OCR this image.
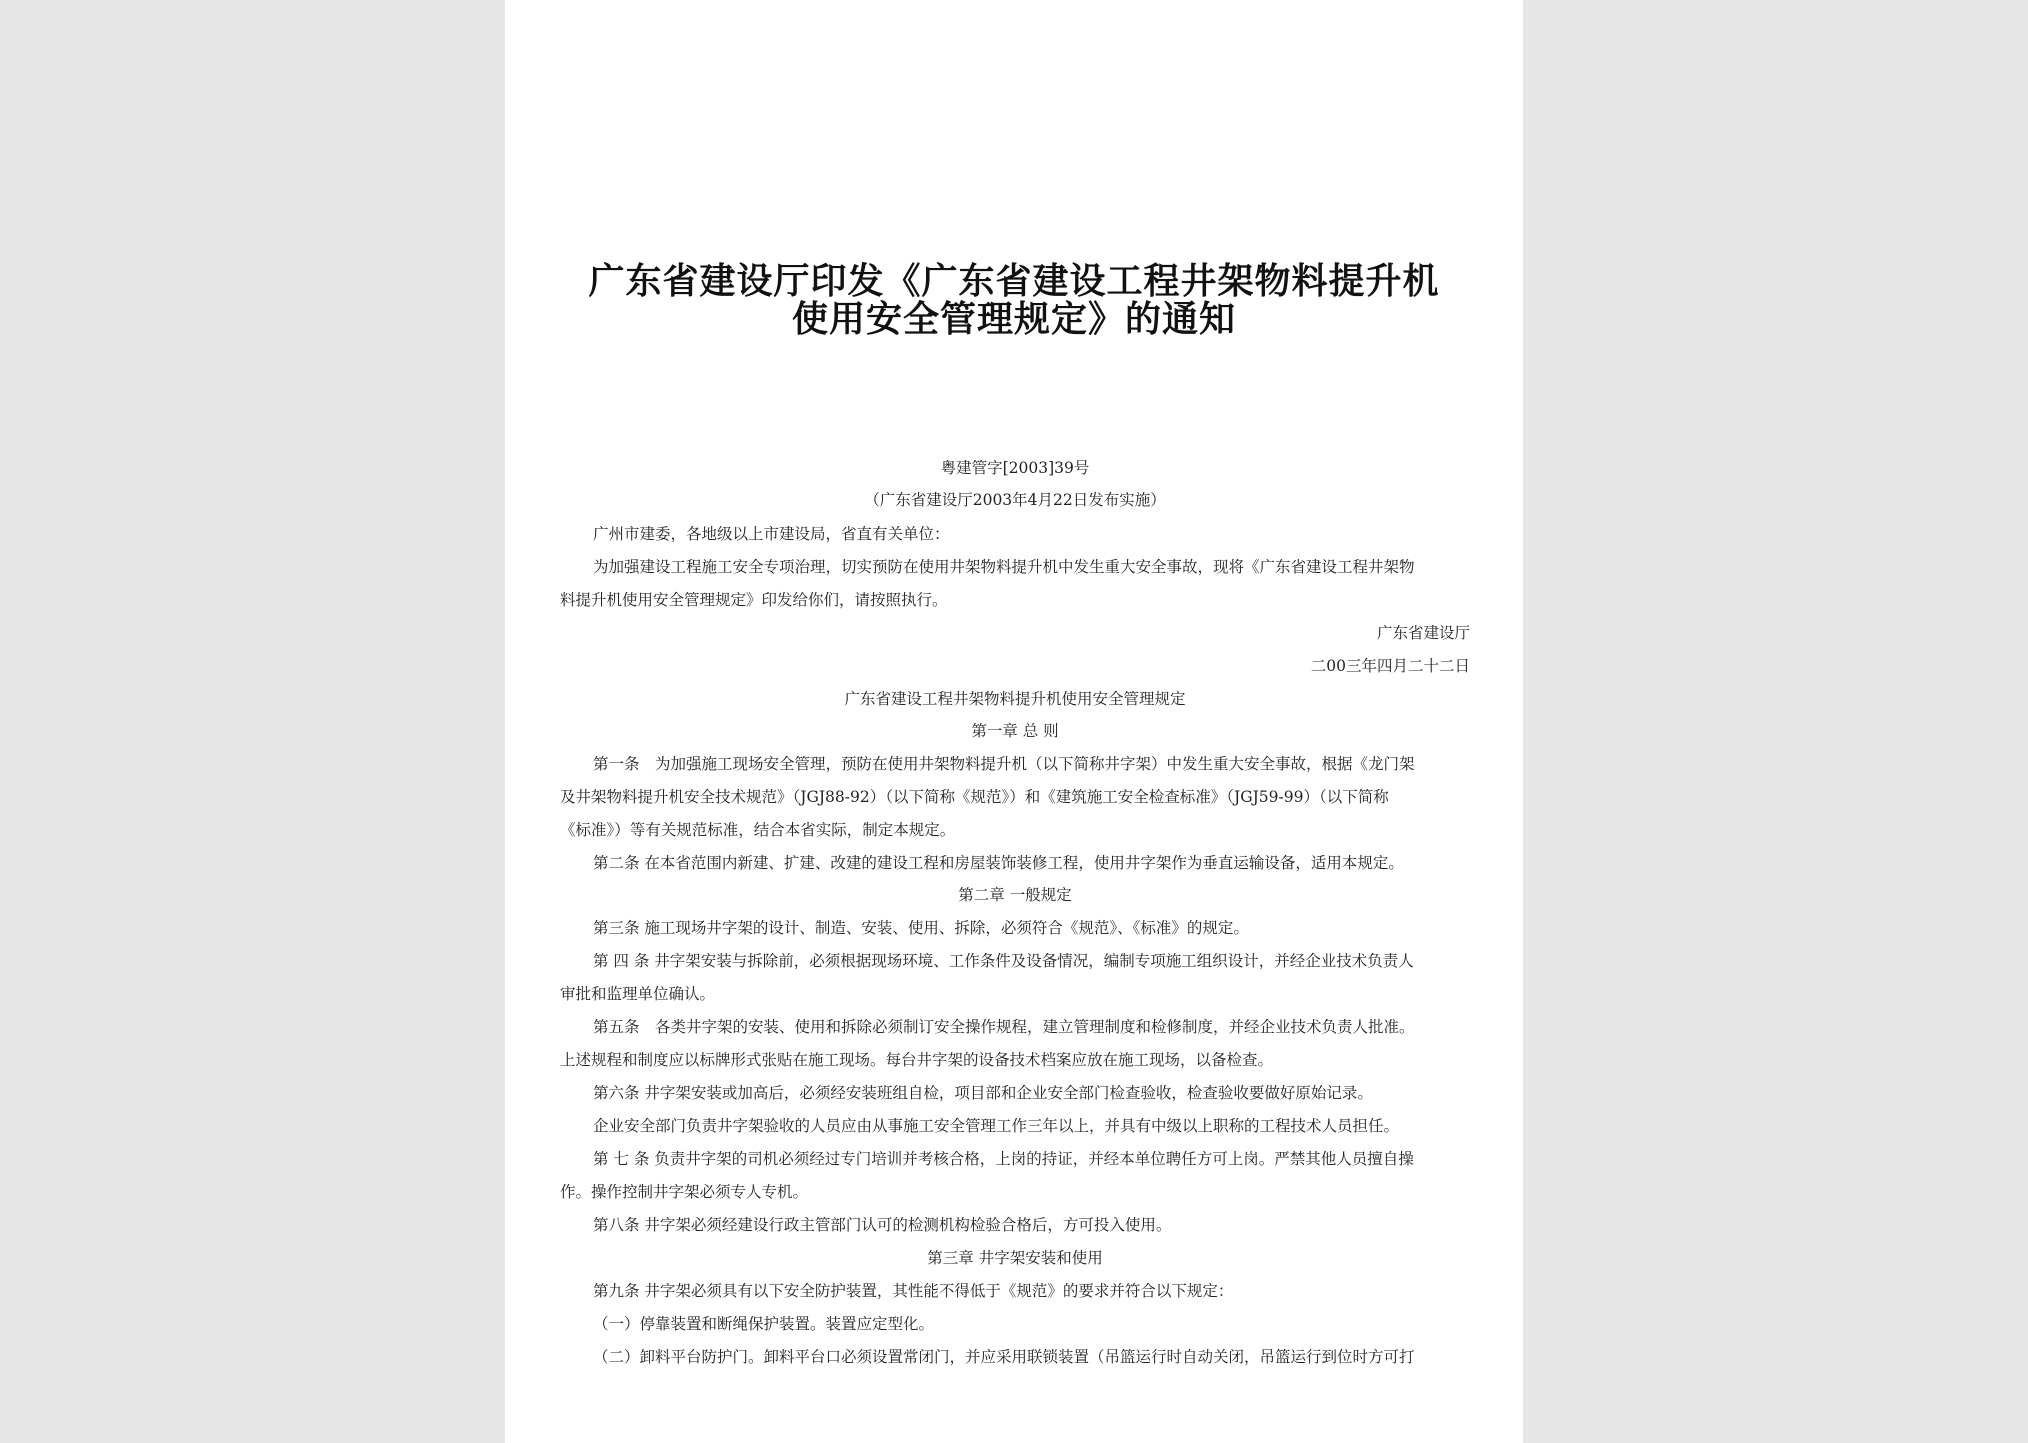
广东省建设厅印发《广东省建设工程井架物料提升机
使用安全管理规定》的通知
粤建管字[2003]39号
（广东省建设厅2003年4月22日发布实施）
广州市建委，各地级以上市建设局，省直有关单位：
为加强建设工程施工安全专项治理，切实预防在使用井架物料提升机中发生重大安全事故，现将《广东省建设工程井架物
料提升机使用安全管理规定》印发给你们，请按照执行。
广东省建设厅
二00三年四月二十二日
广东省建设工程井架物料提升机使用安全管理规定
第一章 总 则
第一条　为加强施工现场安全管理，预防在使用井架物料提升机（以下简称井字架）中发生重大安全事故，根据《龙门架
及井架物料提升机安全技术规范》（JGJ88-92）（以下简称《规范》）和《建筑施工安全检查标准》（JGJ59-99）（以下简称
《标准》）等有关规范标准，结合本省实际，制定本规定。
第二条 在本省范围内新建、扩建、改建的建设工程和房屋装饰装修工程，使用井字架作为垂直运输设备，适用本规定。
第二章 一般规定
第三条 施工现场井字架的设计、制造、安装、使用、拆除，必须符合《规范》、《标准》的规定。
第 四 条 井字架安装与拆除前，必须根据现场环境、工作条件及设备情况，编制专项施工组织设计，并经企业技术负责人
审批和监理单位确认。
第五条　各类井字架的安装、使用和拆除必须制订安全操作规程，建立管理制度和检修制度，并经企业技术负责人批准。
上述规程和制度应以标牌形式张贴在施工现场。每台井字架的设备技术档案应放在施工现场，以备检查。
第六条 井字架安装或加高后，必须经安装班组自检，项目部和企业安全部门检查验收，检查验收要做好原始记录。
企业安全部门负责井字架验收的人员应由从事施工安全管理工作三年以上，并具有中级以上职称的工程技术人员担任。
第 七 条 负责井字架的司机必须经过专门培训并考核合格，上岗的持证，并经本单位聘任方可上岗。严禁其他人员擅自操
作。操作控制井字架必须专人专机。
第八条 井字架必须经建设行政主管部门认可的检测机构检验合格后，方可投入使用。
第三章 井字架安装和使用
第九条 井字架必须具有以下安全防护装置，其性能不得低于《规范》的要求并符合以下规定：
（一）停靠装置和断绳保护装置。装置应定型化。
（二）卸料平台防护门。卸料平台口必须设置常闭门，并应采用联锁装置（吊篮运行时自动关闭，吊篮运行到位时方可打
